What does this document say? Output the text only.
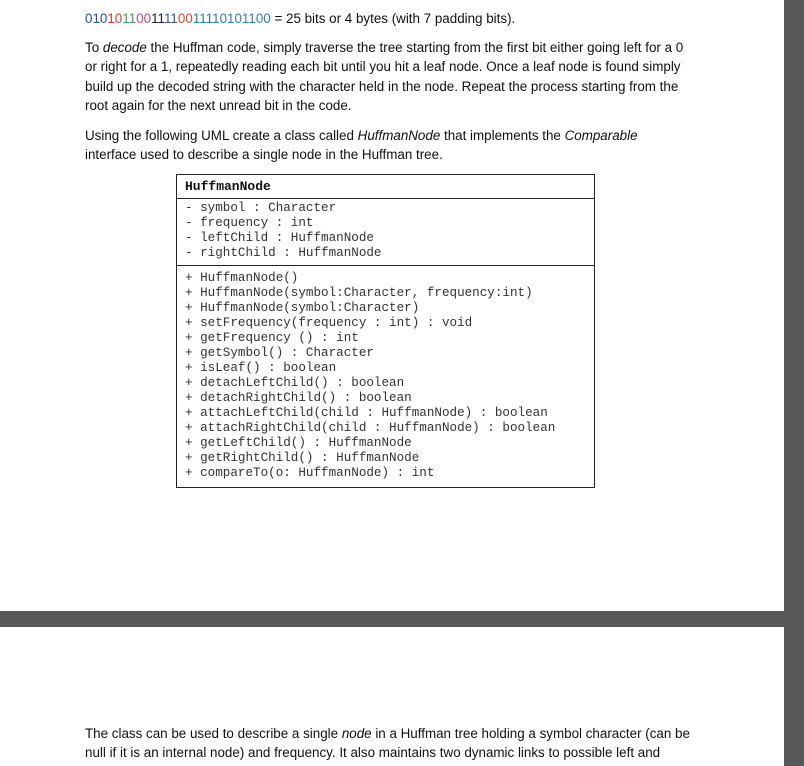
01010110011110011110101100 = 25 bits or 4 bytes (with 7 padding bits).
To decode the Huffman code, simply traverse the tree starting from the first bit either going left for a 0 or right for a 1, repeatedly reading each bit until you hit a leaf node. Once a leaf node is found simply build up the decoded string with the character held in the node. Repeat the process starting from the root again for the next unread bit in the code.
Using the following UML create a class called HuffmanNode that implements the Comparable interface used to describe a single node in the Huffman tree.
HuffmanNode
- symbol : Character
- frequency : int
- leftChild : HuffmanNode
- rightChild : HuffmanNode
+ HuffmanNode()
+ HuffmanNode(symbol:Character, frequency:int)
+ HuffmanNode(symbol:Character)
+ setFrequency(frequency : int) : void
+ getFrequency () : int
+ getSymbol() : Character
+ isLeaf() : boolean
+ detachLeftChild() : boolean
+ detachRightChild() : boolean
+ attachLeftChild(child : HuffmanNode) : boolean
+ attachRightChild(child : HuffmanNode) : boolean
+ getLeftChild() : HuffmanNode
+ getRightChild() : HuffmanNode
+ compareTo(o: HuffmanNode) : int
The class can be used to describe a single node in a Huffman tree holding a symbol character (can be null if it is an internal node) and frequency. It also maintains two dynamic links to possible left and
